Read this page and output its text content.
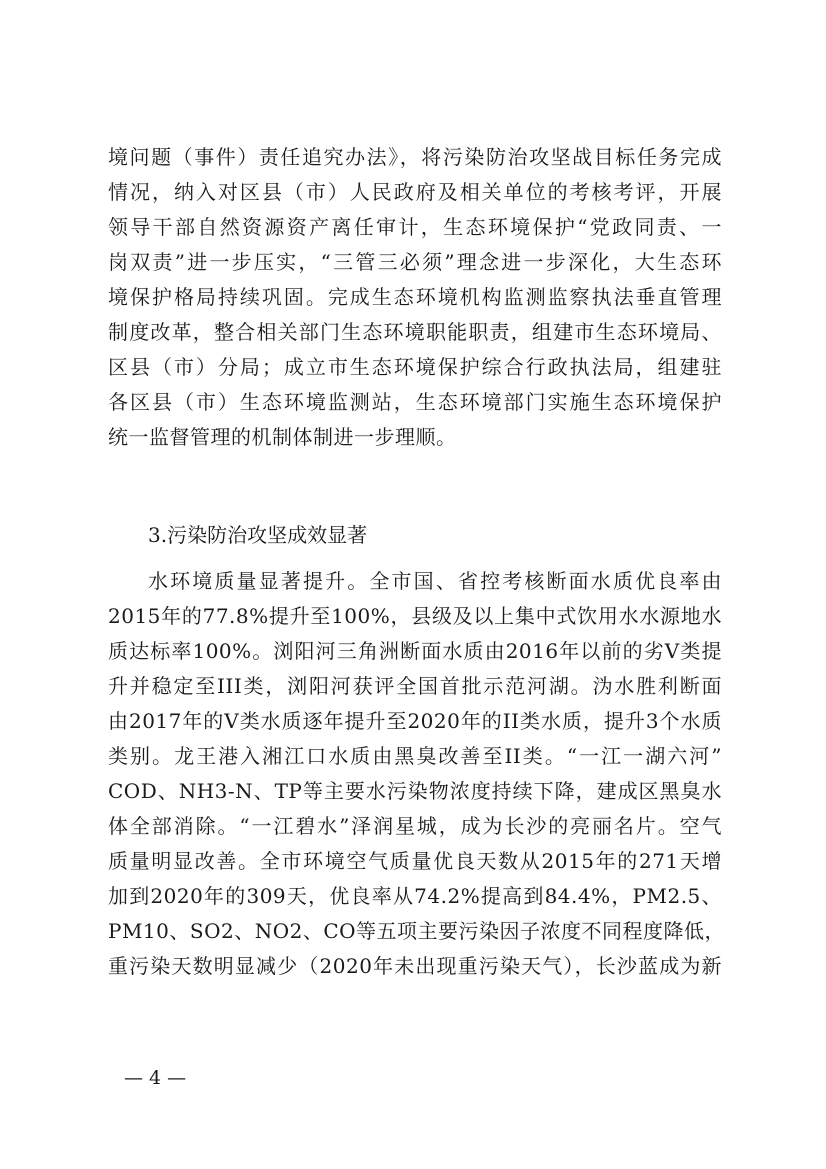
境问题（事件）责任追究办法》，将污染防治攻坚战目标任务完成
情况，纳入对区县（市）人民政府及相关单位的考核考评，开展
领导干部自然资源资产离任审计，生态环境保护“党政同责、一
岗双责”进一步压实，“三管三必须”理念进一步深化，大生态环
境保护格局持续巩固。完成生态环境机构监测监察执法垂直管理
制度改革，整合相关部门生态环境职能职责，组建市生态环境局、
区县（市）分局；成立市生态环境保护综合行政执法局，组建驻
各区县（市）生态环境监测站，生态环境部门实施生态环境保护
统一监督管理的机制体制进一步理顺。
3.污染防治攻坚成效显著
水环境质量显著提升。全市国、省控考核断面水质优良率由
2015年的77.8%提升至100%，县级及以上集中式饮用水水源地水
质达标率100%。浏阳河三角洲断面水质由2016年以前的劣V类提
升并稳定至III类，浏阳河获评全国首批示范河湖。沩水胜利断面
由2017年的V类水质逐年提升至2020年的II类水质，提升3个水质
类别。龙王港入湘江口水质由黑臭改善至II类。“一江一湖六河”
COD、NH3-N、TP等主要水污染物浓度持续下降，建成区黑臭水
体全部消除。“一江碧水”泽润星城，成为长沙的亮丽名片。空气
质量明显改善。全市环境空气质量优良天数从2015年的271天增
加到2020年的309天，优良率从74.2%提高到84.4%，PM2.5、
PM10、SO2、NO2、CO等五项主要污染因子浓度不同程度降低，
重污染天数明显减少（2020年未出现重污染天气），长沙蓝成为新
— 4 —
